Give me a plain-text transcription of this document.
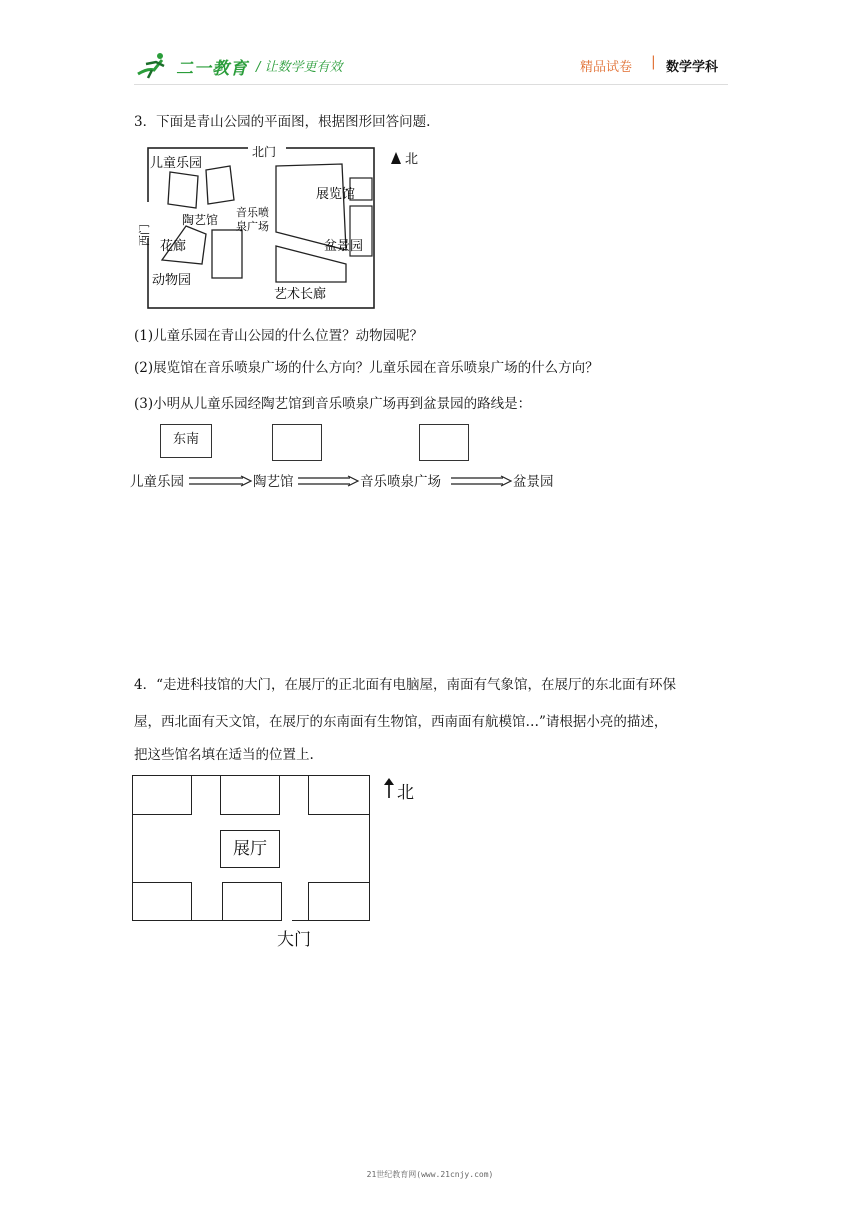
二一教育 / 让数学更有效	精品试卷 | 数学学科
3．下面是青山公园的平面图，根据图形回答问题.
儿童乐园
北门
展览馆
陶艺馆
音乐喷
泉广场
盆景园
花廊
动物园
艺术长廊
西门
北
(1)儿童乐园在青山公园的什么位置？动物园呢？
(2)展览馆在音乐喷泉广场的什么方向？儿童乐园在音乐喷泉广场的什么方向？
(3)小明从儿童乐园经陶艺馆到音乐喷泉广场再到盆景园的路线是：
东南
儿童乐园	陶艺馆	音乐喷泉广场	盆景园
4．“走进科技馆的大门，在展厅的正北面有电脑屋，南面有气象馆，在展厅的东北面有环保
屋，西北面有天文馆，在展厅的东南面有生物馆，西南面有航模馆…”请根据小亮的描述，
把这些馆名填在适当的位置上.
展厅
大门
北
21世纪教育网(www.21cnjy.com)
